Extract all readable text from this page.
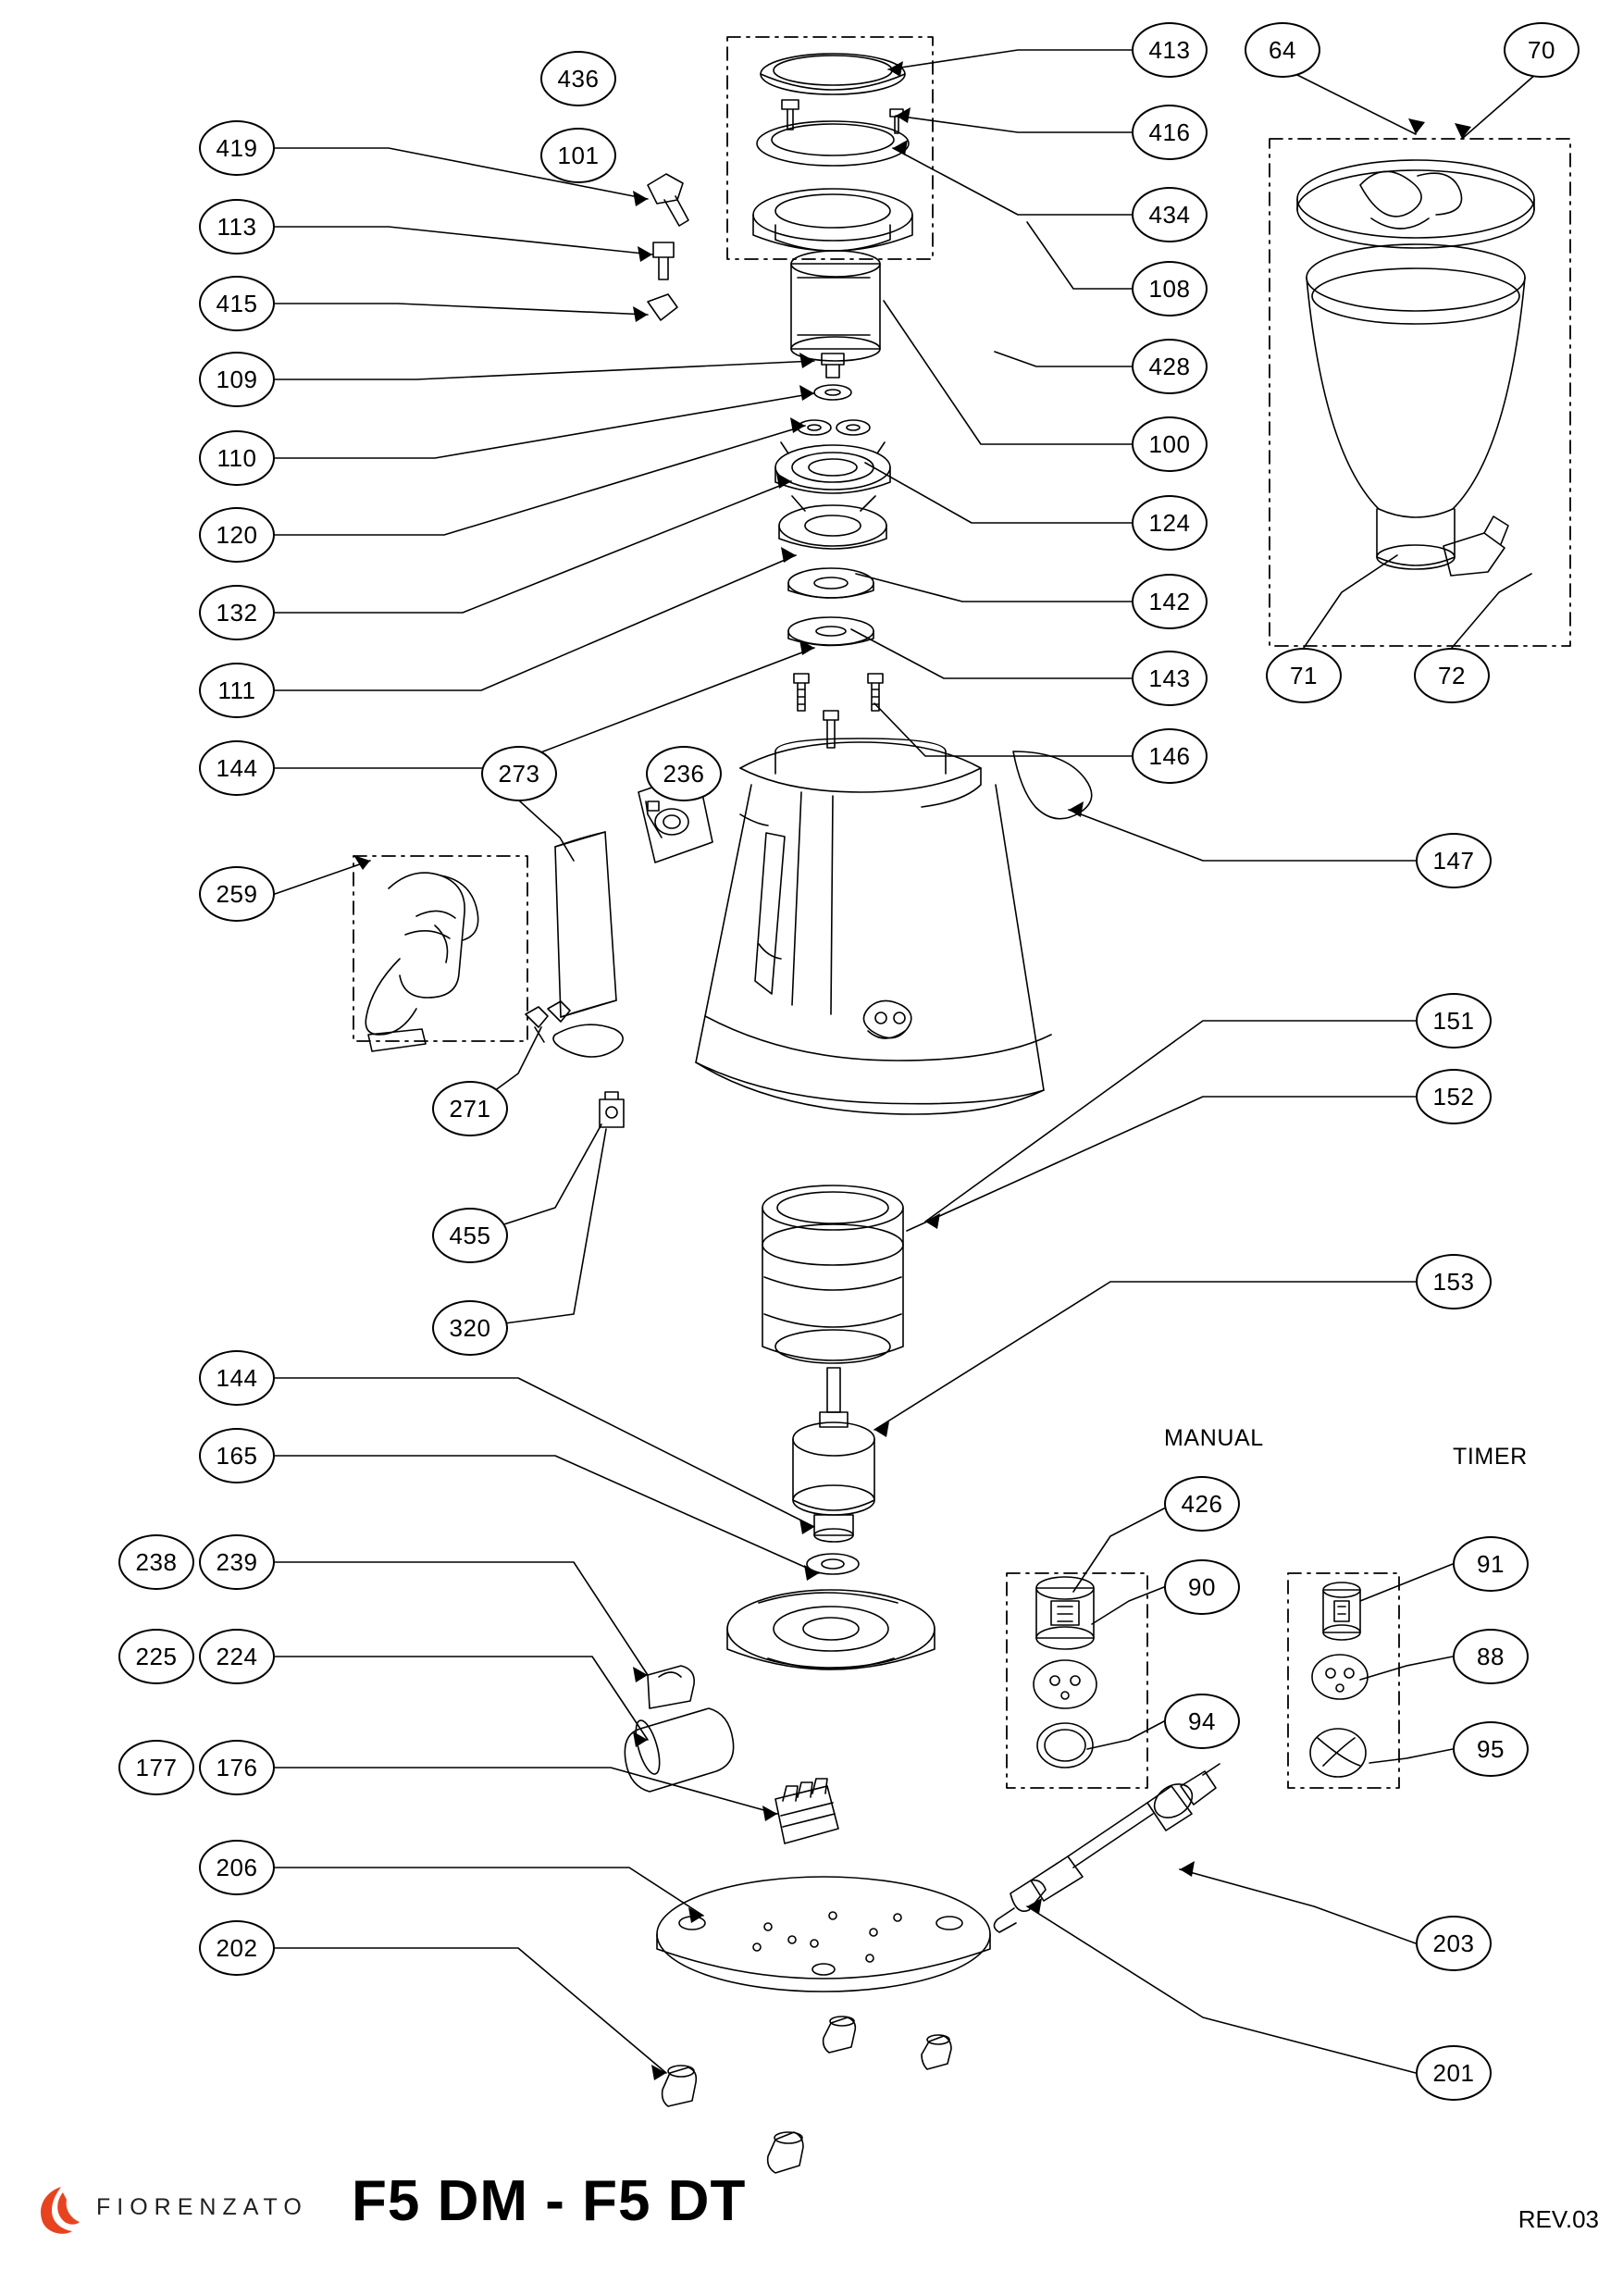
MANUAL
TIMER
436
419	101
113
415
109
110
120
132
111
144
259
273	236
271
455
320
413
416
434
108
428
100
124
142
143
146
64	70
71	72
147
151
152
153
144
165
238	239
225	224
177	176
206
202
426
90
94
91
88
95
203
201
FIORENZATO F5 DM - F5 DT	REV.03
